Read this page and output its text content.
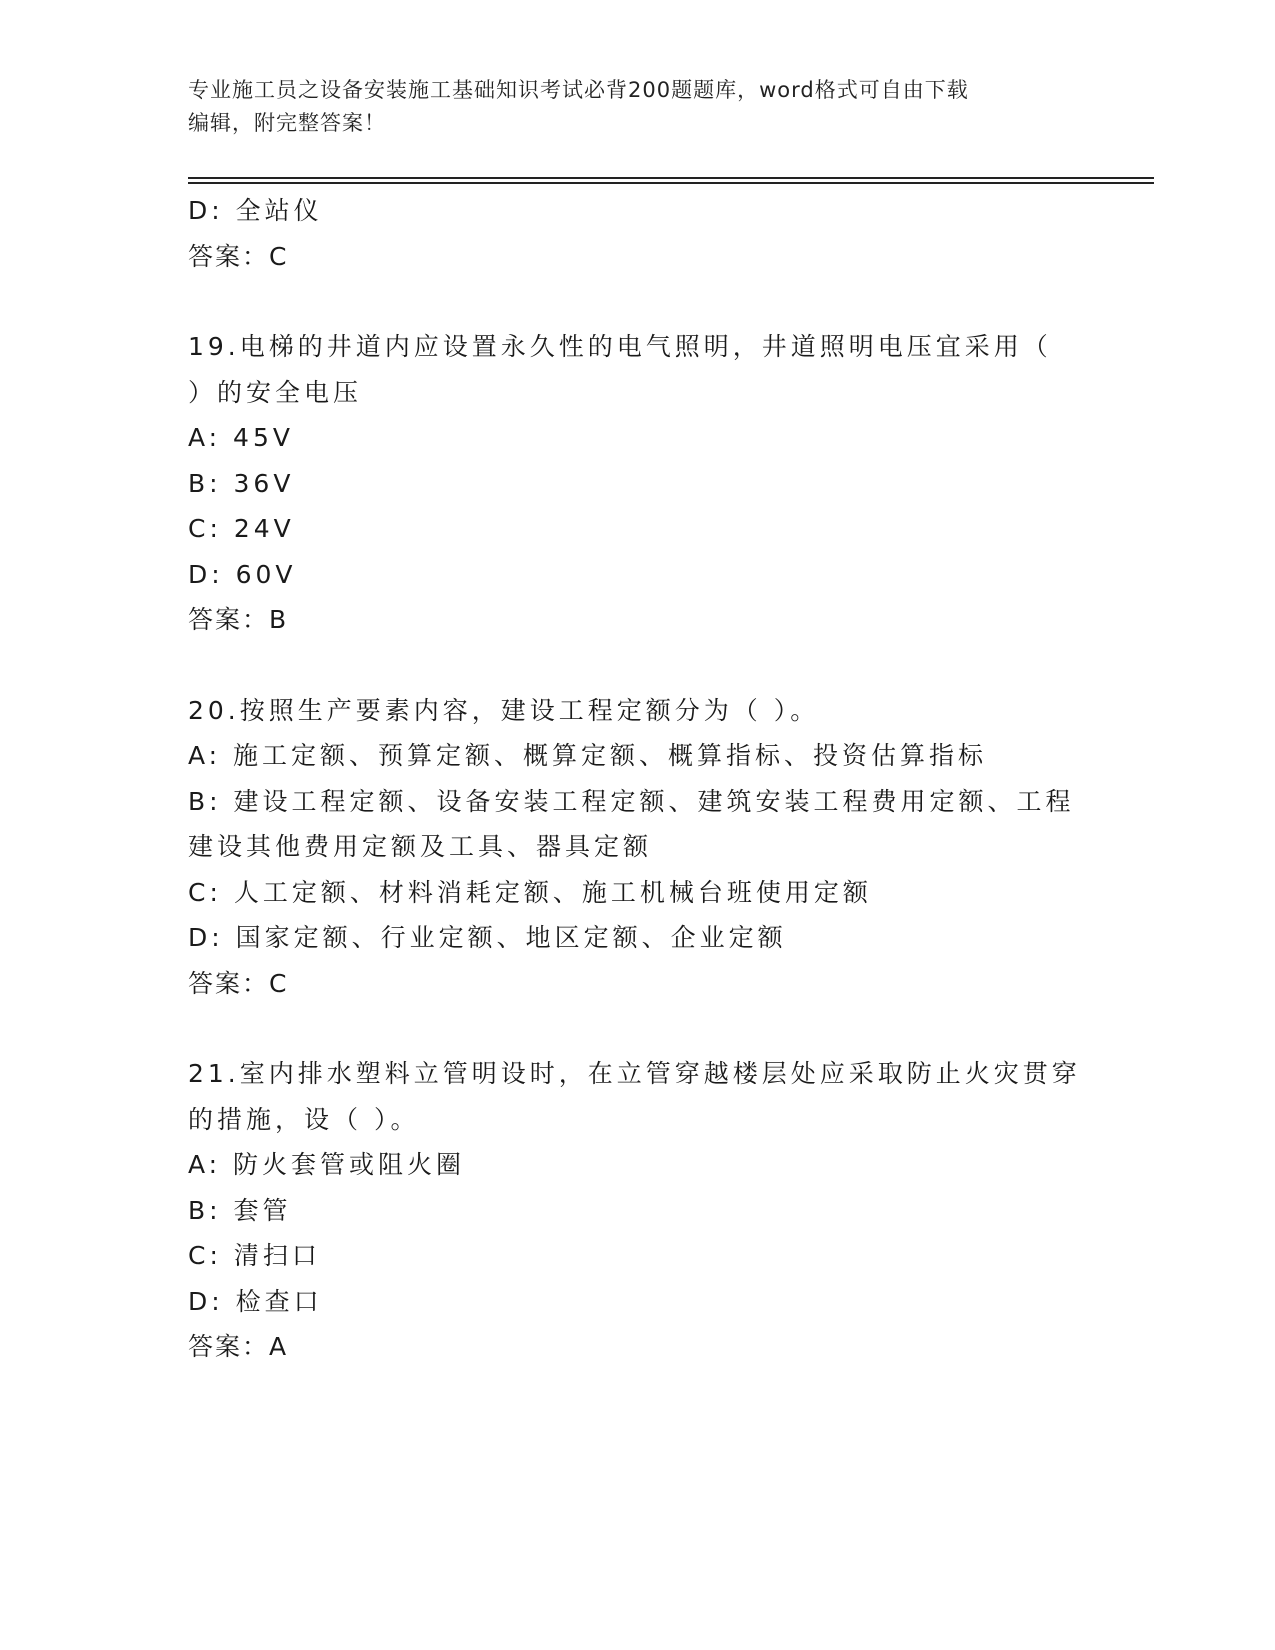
专业施工员之设备安装施工基础知识考试必背200题题库，word格式可自由下载
编辑，附完整答案！
D: 全站仪
答案：C
19.电梯的井道内应设置永久性的电气照明，井道照明电压宜采用（
）的安全电压
A: 45V
B: 36V
C: 24V
D: 60V
答案：B
20.按照生产要素内容，建设工程定额分为（ ）。
A: 施工定额、预算定额、概算定额、概算指标、投资估算指标
B: 建设工程定额、设备安装工程定额、建筑安装工程费用定额、工程
建设其他费用定额及工具、器具定额
C: 人工定额、材料消耗定额、施工机械台班使用定额
D: 国家定额、行业定额、地区定额、企业定额
答案：C
21.室内排水塑料立管明设时，在立管穿越楼层处应采取防止火灾贯穿
的措施，设（ ）。
A: 防火套管或阻火圈
B: 套管
C: 清扫口
D: 检查口
答案：A
